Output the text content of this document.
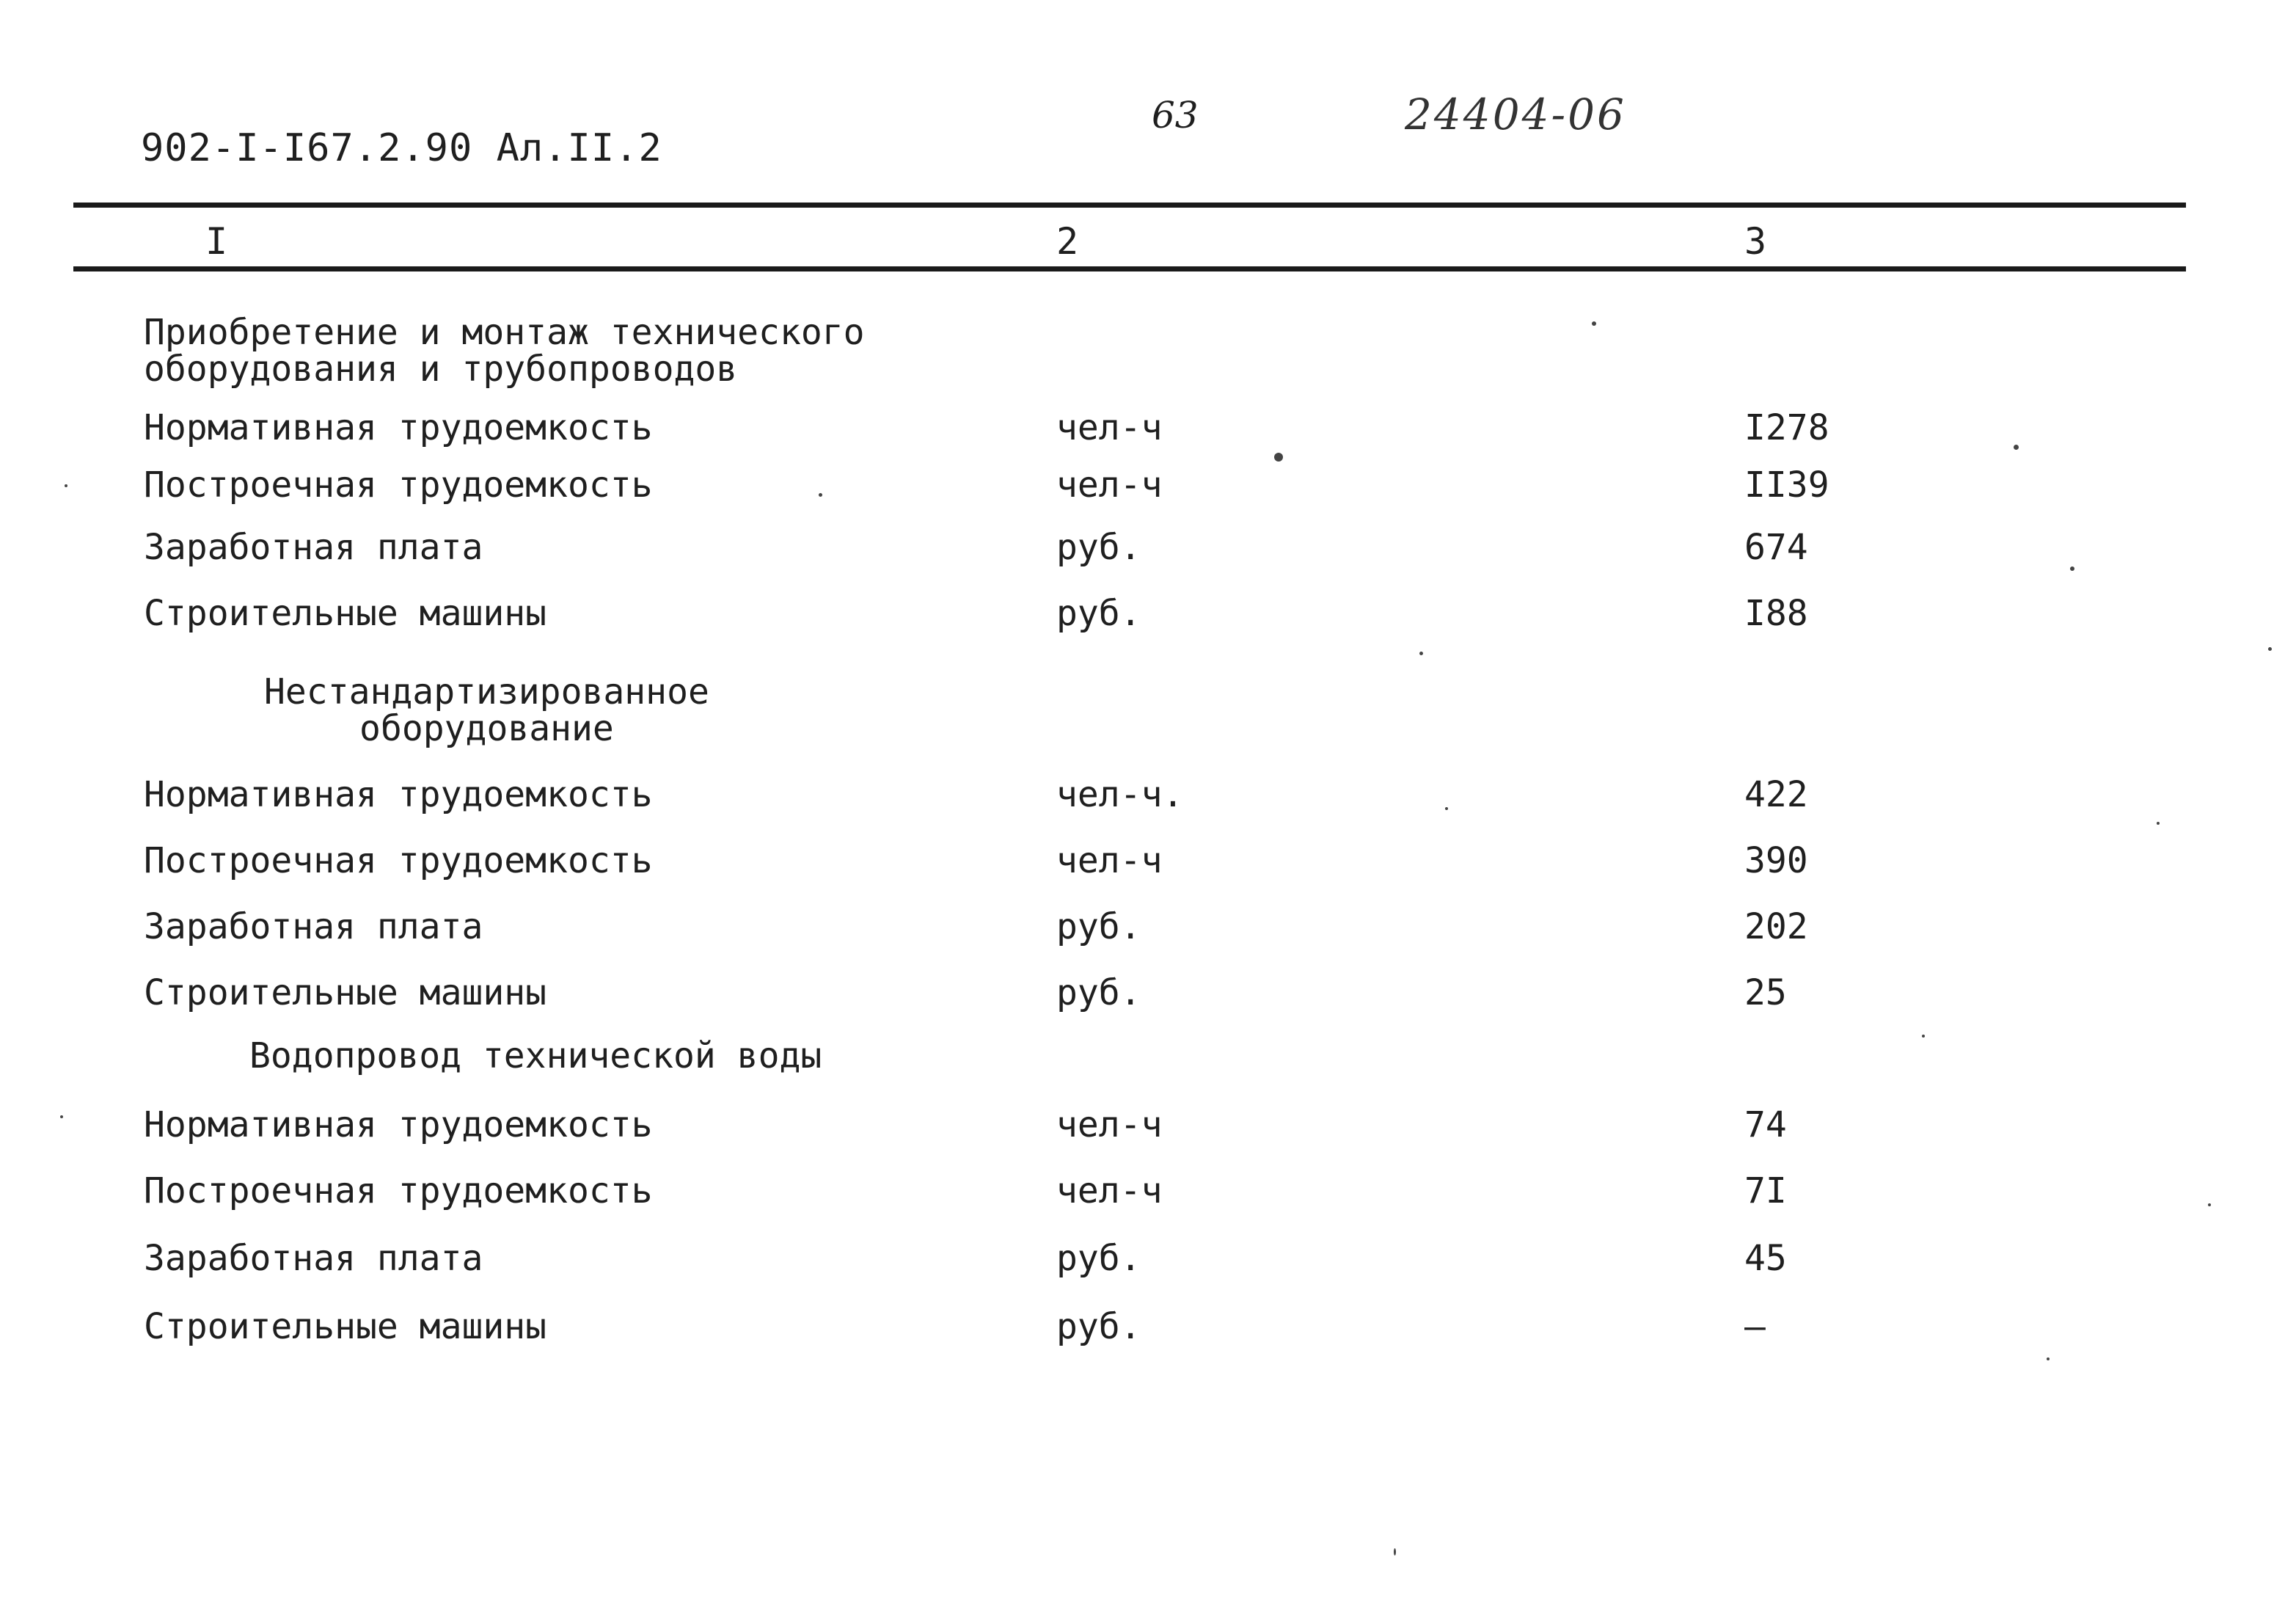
902-I-I67.2.90 Ал.II.2
63	24404-06
I	2	3
Приобретение и монтаж технического
оборудования и трубопроводов
Нормативная трудоемкость	чел-ч	I278
Построечная трудоемкость	чел-ч	II39
Заработная плата	руб.	674
Строительные машины	руб.	I88
Нестандартизированное
оборудование
Нормативная трудоемкость	чел-ч.	422
Построечная трудоемкость	чел-ч	390
Заработная плата	руб.	202
Строительные машины	руб.	25
Водопровод технической воды
Нормативная трудоемкость	чел-ч	74
Построечная трудоемкость	чел-ч	7I
Заработная плата	руб.	45
Строительные машины	руб.	–
